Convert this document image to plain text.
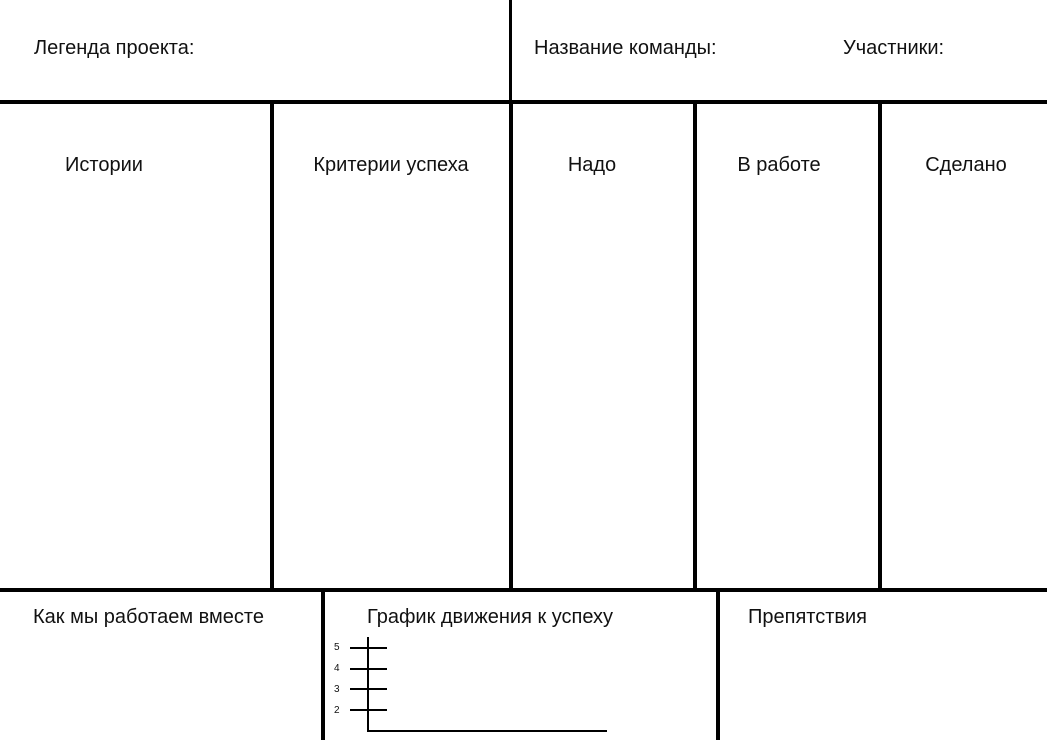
Легенда проекта:	Название команды:	Участники:
Истории	Критерии успеха	Надо	В работе	Сделано
Как мы работаем вместе	График движения к успеху	Препятствия
5
4
3
2
